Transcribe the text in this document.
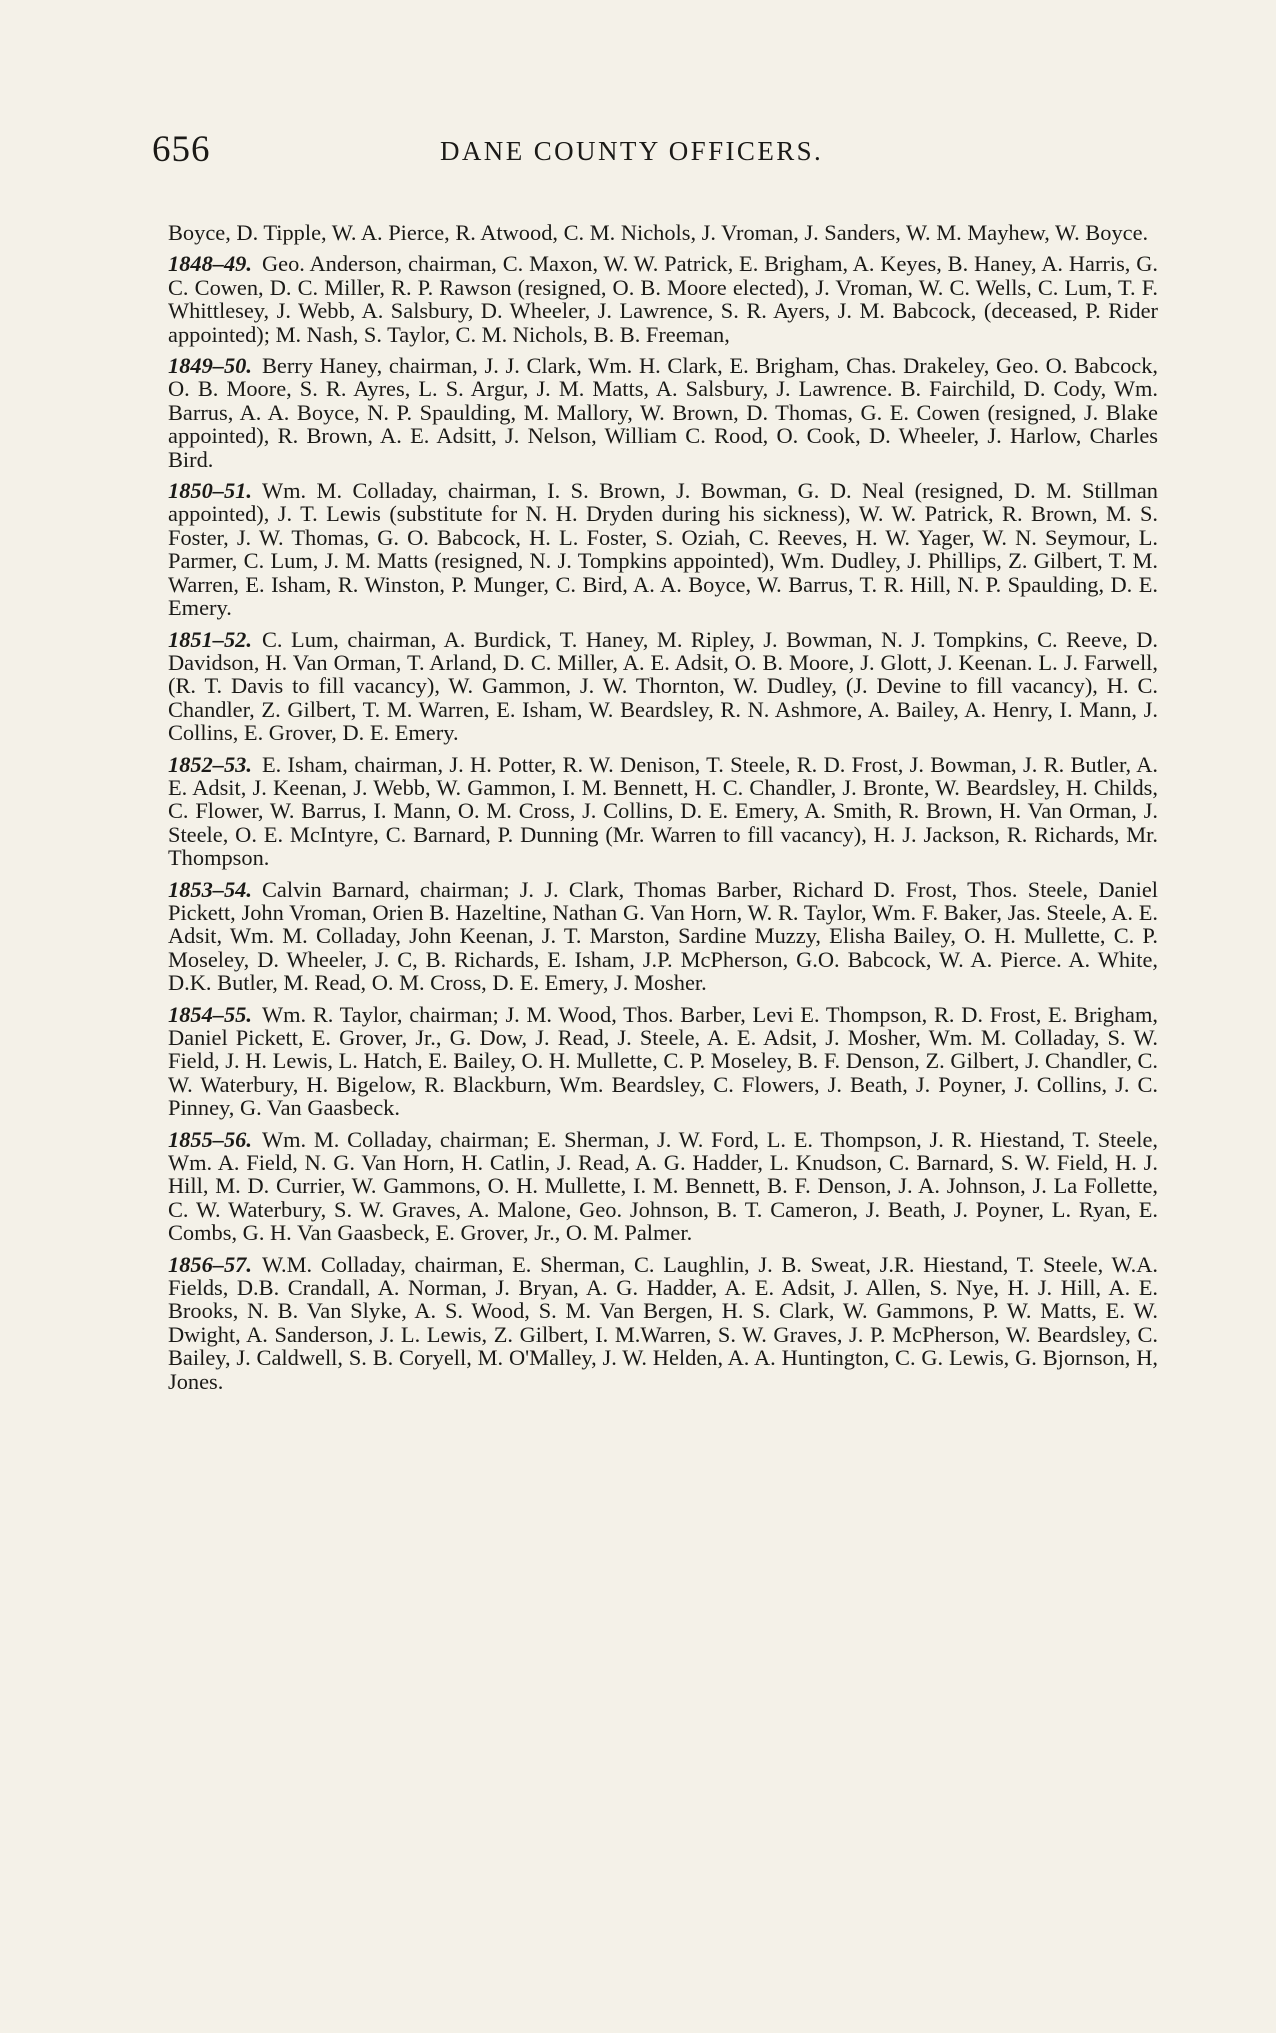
656	DANE COUNTY OFFICERS.

Boyce, D. Tipple, W. A. Pierce, R. Atwood, C. M. Nichols, J. Vroman, J. Sanders, W. M. Mayhew, W. Boyce.

1848–49. Geo. Anderson, chairman, C. Maxon, W. W. Patrick, E. Brigham, A. Keyes, B. Haney, A. Harris, G. C. Cowen, D. C. Miller, R. P. Rawson (resigned, O. B. Moore elected), J. Vroman, W. C. Wells, C. Lum, T. F. Whittlesey, J. Webb, A. Salsbury, D. Wheeler, J. Lawrence, S. R. Ayers, J. M. Babcock, (deceased, P. Rider appointed); M. Nash, S. Taylor, C. M. Nichols, B. B. Freeman,

1849–50. Berry Haney, chairman, J. J. Clark, Wm. H. Clark, E. Brigham, Chas. Drakeley, Geo. O. Babcock, O. B. Moore, S. R. Ayres, L. S. Argur, J. M. Matts, A. Salsbury, J. Lawrence. B. Fairchild, D. Cody, Wm. Barrus, A. A. Boyce, N. P. Spaulding, M. Mallory, W. Brown, D. Thomas, G. E. Cowen (resigned, J. Blake appointed), R. Brown, A. E. Adsitt, J. Nelson, William C. Rood, O. Cook, D. Wheeler, J. Harlow, Charles Bird.

1850–51. Wm. M. Colladay, chairman, I. S. Brown, J. Bowman, G. D. Neal (resigned, D. M. Stillman appointed), J. T. Lewis (substitute for N. H. Dryden during his sickness), W. W. Patrick, R. Brown, M. S. Foster, J. W. Thomas, G. O. Babcock, H. L. Foster, S. Oziah, C. Reeves, H. W. Yager, W. N. Seymour, L. Parmer, C. Lum, J. M. Matts (resigned, N. J. Tompkins appointed), Wm. Dudley, J. Phillips, Z. Gilbert, T. M. Warren, E. Isham, R. Winston, P. Munger, C. Bird, A. A. Boyce, W. Barrus, T. R. Hill, N. P. Spaulding, D. E. Emery.

1851–52. C. Lum, chairman, A. Burdick, T. Haney, M. Ripley, J. Bowman, N. J. Tompkins, C. Reeve, D. Davidson, H. Van Orman, T. Arland, D. C. Miller, A. E. Adsit, O. B. Moore, J. Glott, J. Keenan. L. J. Farwell, (R. T. Davis to fill vacancy), W. Gammon, J. W. Thornton, W. Dudley, (J. Devine to fill vacancy), H. C. Chandler, Z. Gilbert, T. M. Warren, E. Isham, W. Beardsley, R. N. Ashmore, A. Bailey, A. Henry, I. Mann, J. Collins, E. Grover, D. E. Emery.

1852–53. E. Isham, chairman, J. H. Potter, R. W. Denison, T. Steele, R. D. Frost, J. Bowman, J. R. Butler, A. E. Adsit, J. Keenan, J. Webb, W. Gammon, I. M. Bennett, H. C. Chandler, J. Bronte, W. Beardsley, H. Childs, C. Flower, W. Barrus, I. Mann, O. M. Cross, J. Collins, D. E. Emery, A. Smith, R. Brown, H. Van Orman, J. Steele, O. E. McIntyre, C. Barnard, P. Dunning (Mr. Warren to fill vacancy), H. J. Jackson, R. Richards, Mr. Thompson.

1853–54. Calvin Barnard, chairman; J. J. Clark, Thomas Barber, Richard D. Frost, Thos. Steele, Daniel Pickett, John Vroman, Orien B. Hazeltine, Nathan G. Van Horn, W. R. Taylor, Wm. F. Baker, Jas. Steele, A. E. Adsit, Wm. M. Colladay, John Keenan, J. T. Marston, Sardine Muzzy, Elisha Bailey, O. H. Mullette, C. P. Moseley, D. Wheeler, J. C, B. Richards, E. Isham, J.P. McPherson, G.O. Babcock, W. A. Pierce. A. White, D.K. Butler, M. Read, O. M. Cross, D. E. Emery, J. Mosher.

1854–55. Wm. R. Taylor, chairman; J. M. Wood, Thos. Barber, Levi E. Thompson, R. D. Frost, E. Brigham, Daniel Pickett, E. Grover, Jr., G. Dow, J. Read, J. Steele, A. E. Adsit, J. Mosher, Wm. M. Colladay, S. W. Field, J. H. Lewis, L. Hatch, E. Bailey, O. H. Mullette, C. P. Moseley, B. F. Denson, Z. Gilbert, J. Chandler, C. W. Waterbury, H. Bigelow, R. Blackburn, Wm. Beardsley, C. Flowers, J. Beath, J. Poyner, J. Collins, J. C. Pinney, G. Van Gaasbeck.

1855–56. Wm. M. Colladay, chairman; E. Sherman, J. W. Ford, L. E. Thompson, J. R. Hiestand, T. Steele, Wm. A. Field, N. G. Van Horn, H. Catlin, J. Read, A. G. Hadder, L. Knudson, C. Barnard, S. W. Field, H. J. Hill, M. D. Currier, W. Gammons, O. H. Mullette, I. M. Bennett, B. F. Denson, J. A. Johnson, J. La Follette, C. W. Waterbury, S. W. Graves, A. Malone, Geo. Johnson, B. T. Cameron, J. Beath, J. Poyner, L. Ryan, E. Combs, G. H. Van Gaasbeck, E. Grover, Jr., O. M. Palmer.

1856–57. W.M. Colladay, chairman, E. Sherman, C. Laughlin, J. B. Sweat, J.R. Hiestand, T. Steele, W.A. Fields, D.B. Crandall, A. Norman, J. Bryan, A. G. Hadder, A. E. Adsit, J. Allen, S. Nye, H. J. Hill, A. E. Brooks, N. B. Van Slyke, A. S. Wood, S. M. Van Bergen, H. S. Clark, W. Gammons, P. W. Matts, E. W. Dwight, A. Sanderson, J. L. Lewis, Z. Gilbert, I. M.Warren, S. W. Graves, J. P. McPherson, W. Beardsley, C. Bailey, J. Caldwell, S. B. Coryell, M. O'Malley, J. W. Helden, A. A. Huntington, C. G. Lewis, G. Bjornson, H, Jones.
